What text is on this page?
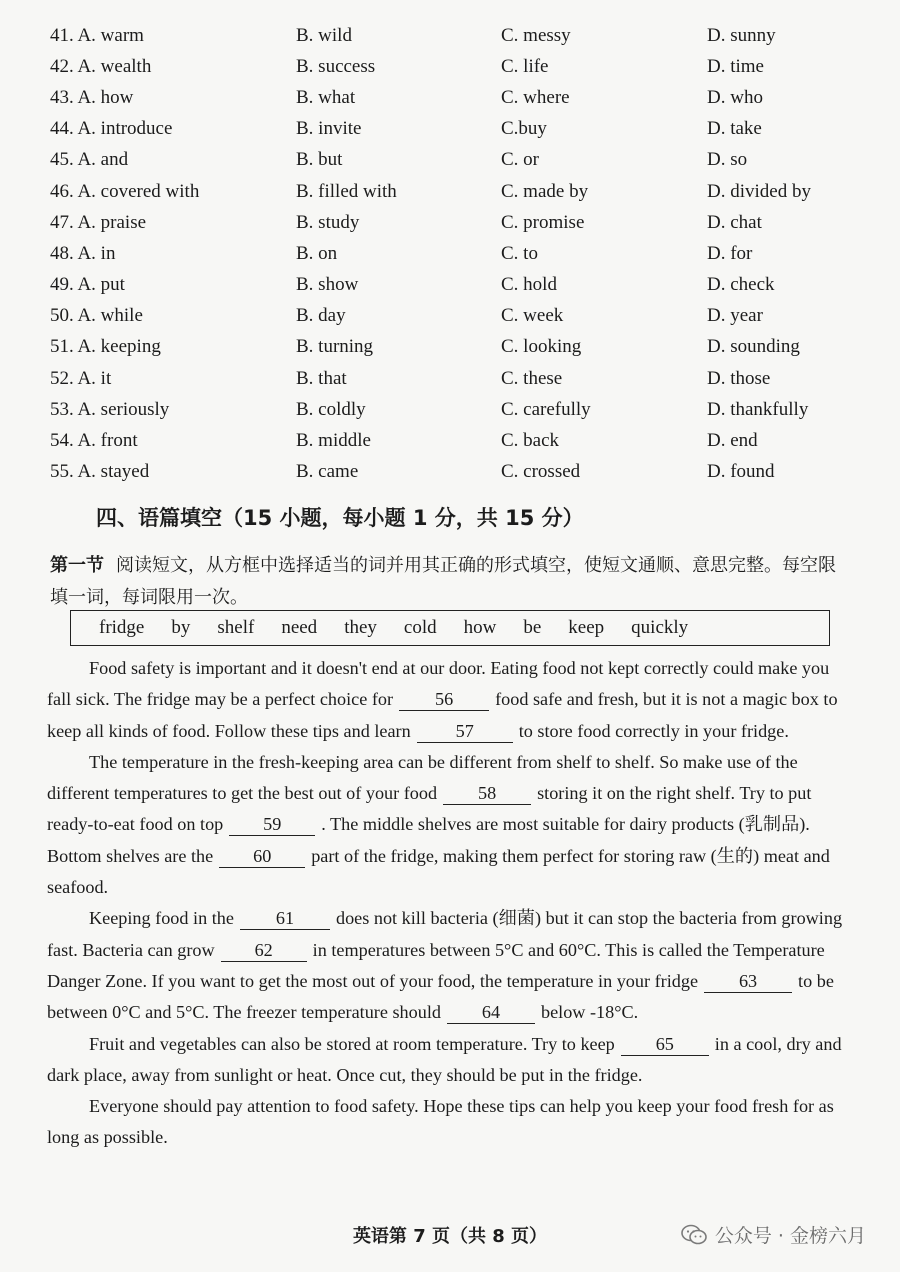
41. A. warm	B. wild	C. messy	D. sunny
42. A. wealth	B. success	C. life	D. time
43. A. how	B. what	C. where	D. who
44. A. introduce	B. invite	C.buy	D. take
45. A. and	B. but	C. or	D. so
46. A. covered with	B. filled with	C. made by	D. divided by
47. A. praise	B. study	C. promise	D. chat
48. A. in	B. on	C. to	D. for
49. A. put	B. show	C. hold	D. check
50. A. while	B. day	C. week	D. year
51. A. keeping	B. turning	C. looking	D. sounding
52. A. it	B. that	C. these	D. those
53. A. seriously	B. coldly	C. carefully	D. thankfully
54. A. front	B. middle	C. back	D. end
55. A. stayed	B. came	C. crossed	D. found
四、语篇填空（15 小题，每小题 1 分，共 15 分）
第一节 阅读短文，从方框中选择适当的词并用其正确的形式填空，使短文通顺、意思完整。每空限填一词，每词限用一次。
fridge by shelf need they cold how be keep quickly

Food safety is important and it doesn't end at our door. Eating food not kept correctly could make you fall sick. The fridge may be a perfect choice for 56 food safe and fresh, but it is not a magic box to keep all kinds of food. Follow these tips and learn 57 to store food correctly in your fridge.

The temperature in the fresh-keeping area can be different from shelf to shelf. So make use of the different temperatures to get the best out of your food 58 storing it on the right shelf. Try to put ready-to-eat food on top 59 . The middle shelves are most suitable for dairy products (乳制品). Bottom shelves are the 60 part of the fridge, making them perfect for storing raw (生的) meat and seafood.

Keeping food in the 61 does not kill bacteria (细菌) but it can stop the bacteria from growing fast. Bacteria can grow 62 in temperatures between 5°C and 60°C. This is called the Temperature Danger Zone. If you want to get the most out of your food, the temperature in your fridge 63 to be between 0°C and 5°C. The freezer temperature should 64 below -18°C.

Fruit and vegetables can also be stored at room temperature. Try to keep 65 in a cool, dry and dark place, away from sunlight or heat. Once cut, they should be put in the fridge.

Everyone should pay attention to food safety. Hope these tips can help you keep your food fresh for as long as possible.

英语第 7 页（共 8 页）	公众号 · 金榜六月
